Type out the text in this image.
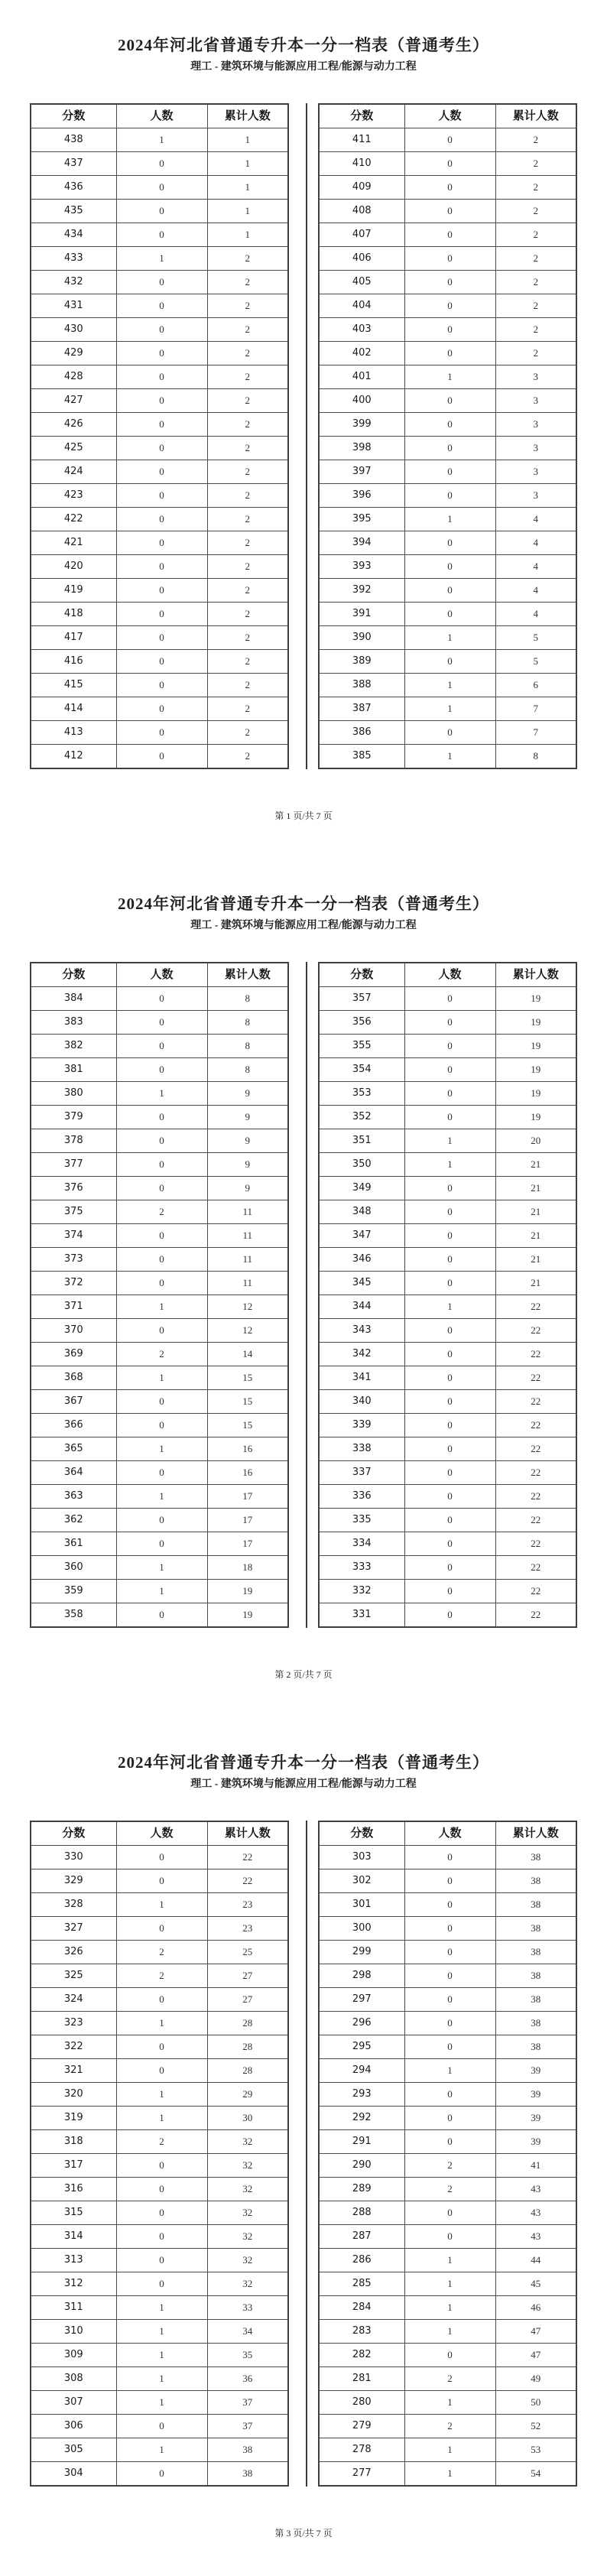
2024年河北省普通专升本一分一档表（普通考生）
理工 - 建筑环境与能源应用工程/能源与动力工程
分数	人数	累计人数
438	1	1
437	0	1
436	0	1
435	0	1
434	0	1
433	1	2
432	0	2
431	0	2
430	0	2
429	0	2
428	0	2
427	0	2
426	0	2
425	0	2
424	0	2
423	0	2
422	0	2
421	0	2
420	0	2
419	0	2
418	0	2
417	0	2
416	0	2
415	0	2
414	0	2
413	0	2
412	0	2
分数	人数	累计人数
411	0	2
410	0	2
409	0	2
408	0	2
407	0	2
406	0	2
405	0	2
404	0	2
403	0	2
402	0	2
401	1	3
400	0	3
399	0	3
398	0	3
397	0	3
396	0	3
395	1	4
394	0	4
393	0	4
392	0	4
391	0	4
390	1	5
389	0	5
388	1	6
387	1	7
386	0	7
385	1	8
第 1 页/共 7 页
2024年河北省普通专升本一分一档表（普通考生）
理工 - 建筑环境与能源应用工程/能源与动力工程
分数	人数	累计人数
384	0	8
383	0	8
382	0	8
381	0	8
380	1	9
379	0	9
378	0	9
377	0	9
376	0	9
375	2	11
374	0	11
373	0	11
372	0	11
371	1	12
370	0	12
369	2	14
368	1	15
367	0	15
366	0	15
365	1	16
364	0	16
363	1	17
362	0	17
361	0	17
360	1	18
359	1	19
358	0	19
分数	人数	累计人数
357	0	19
356	0	19
355	0	19
354	0	19
353	0	19
352	0	19
351	1	20
350	1	21
349	0	21
348	0	21
347	0	21
346	0	21
345	0	21
344	1	22
343	0	22
342	0	22
341	0	22
340	0	22
339	0	22
338	0	22
337	0	22
336	0	22
335	0	22
334	0	22
333	0	22
332	0	22
331	0	22
第 2 页/共 7 页
2024年河北省普通专升本一分一档表（普通考生）
理工 - 建筑环境与能源应用工程/能源与动力工程
分数	人数	累计人数
330	0	22
329	0	22
328	1	23
327	0	23
326	2	25
325	2	27
324	0	27
323	1	28
322	0	28
321	0	28
320	1	29
319	1	30
318	2	32
317	0	32
316	0	32
315	0	32
314	0	32
313	0	32
312	0	32
311	1	33
310	1	34
309	1	35
308	1	36
307	1	37
306	0	37
305	1	38
304	0	38
分数	人数	累计人数
303	0	38
302	0	38
301	0	38
300	0	38
299	0	38
298	0	38
297	0	38
296	0	38
295	0	38
294	1	39
293	0	39
292	0	39
291	0	39
290	2	41
289	2	43
288	0	43
287	0	43
286	1	44
285	1	45
284	1	46
283	1	47
282	0	47
281	2	49
280	1	50
279	2	52
278	1	53
277	1	54
第 3 页/共 7 页
